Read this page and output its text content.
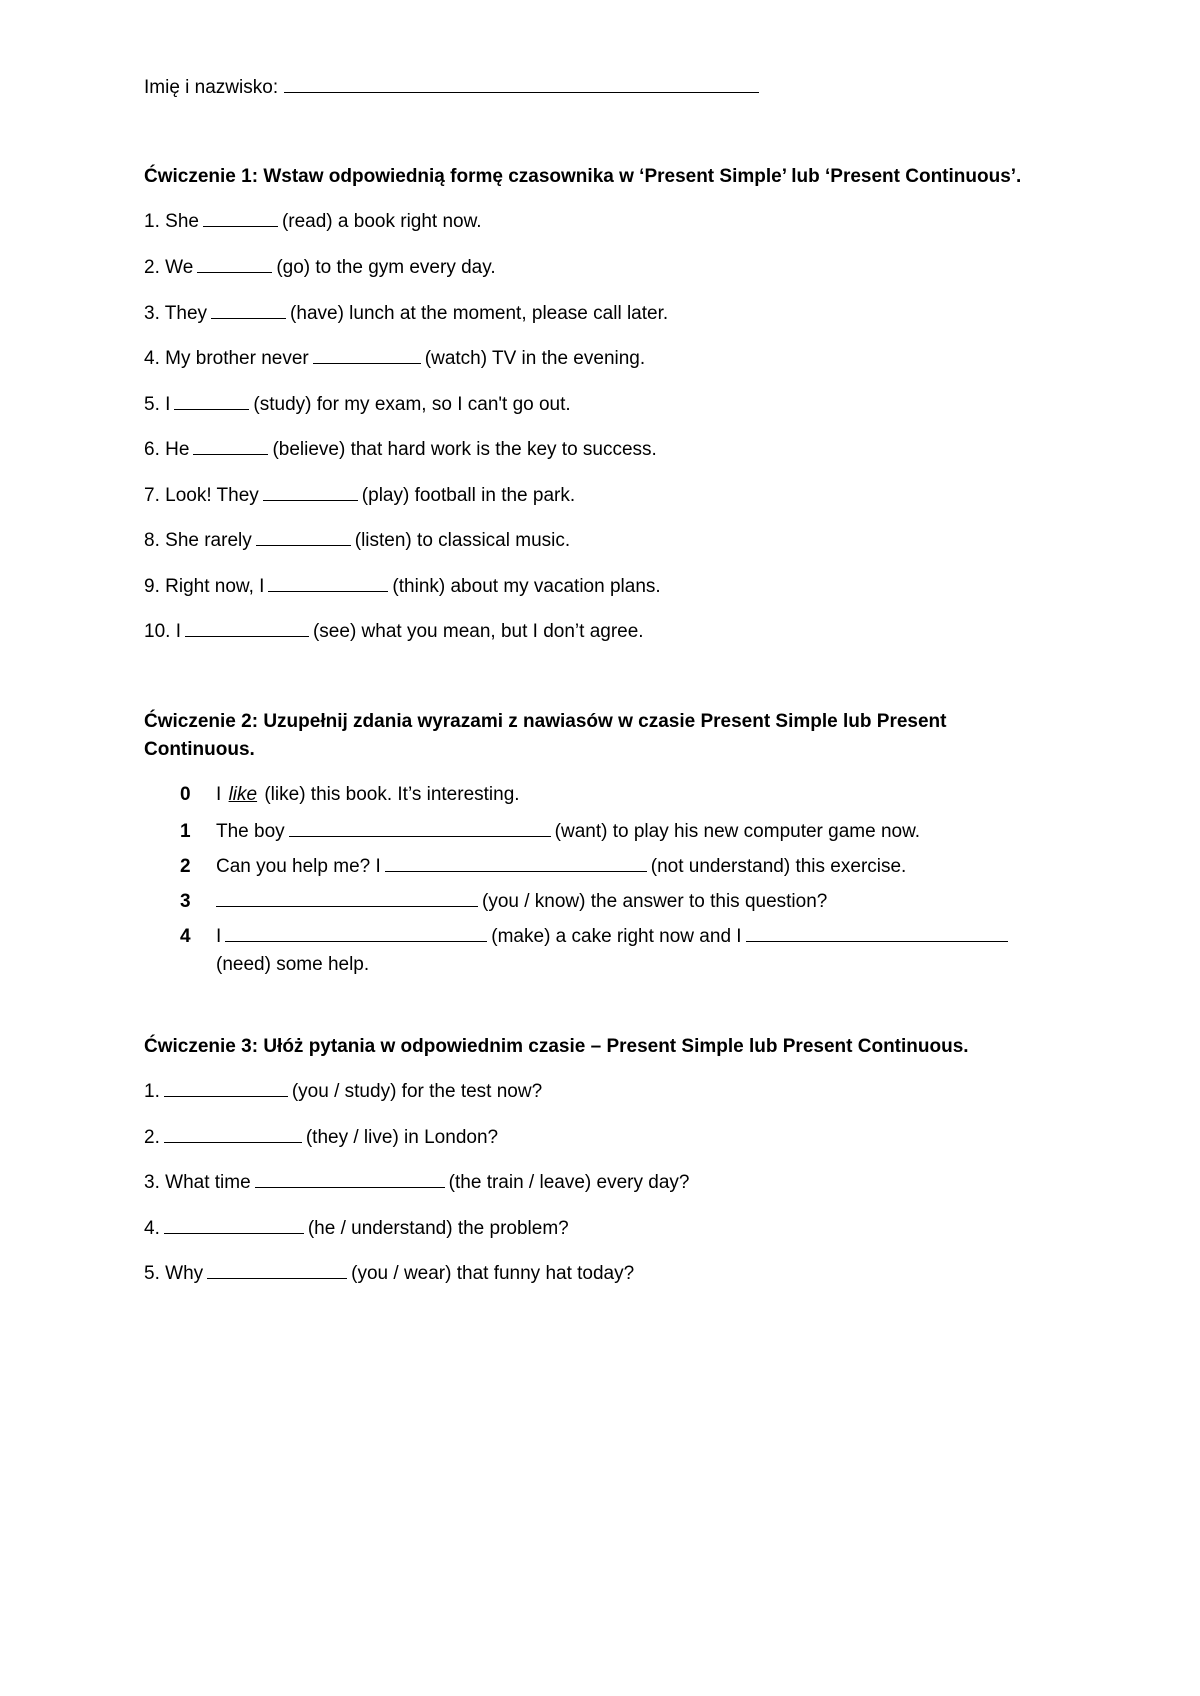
Imię i nazwisko:
Ćwiczenie 1: Wstaw odpowiednią formę czasownika w ‘Present Simple’ lub ‘Present Continuous’.
1. She	(read) a book right now.
2. We	(go) to the gym every day.
3. They	(have) lunch at the moment, please call later.
4. My brother never	(watch) TV in the evening.
5. I	(study) for my exam, so I can't go out.
6. He	(believe) that hard work is the key to success.
7. Look! They	(play) football in the park.
8. She rarely	(listen) to classical music.
9. Right now, I	(think) about my vacation plans.
10. I	(see) what you mean, but I don’t agree.
Ćwiczenie 2: Uzupełnij zdania wyrazami z nawiasów w czasie Present Simple lub Present Continuous.
0	I like (like) this book. It’s interesting.
1	The boy	(want) to play his new computer game now.
2	Can you help me? I	(not understand) this exercise.
3	(you / know) the answer to this question?
4	I	(make) a cake right now and I(need) some help.
Ćwiczenie 3: Ułóż pytania w odpowiednim czasie – Present Simple lub Present Continuous.
1.	(you / study) for the test now?
2.	(they / live) in London?
3. What time	(the train / leave) every day?
4.	(he / understand) the problem?
5. Why	(you / wear) that funny hat today?
